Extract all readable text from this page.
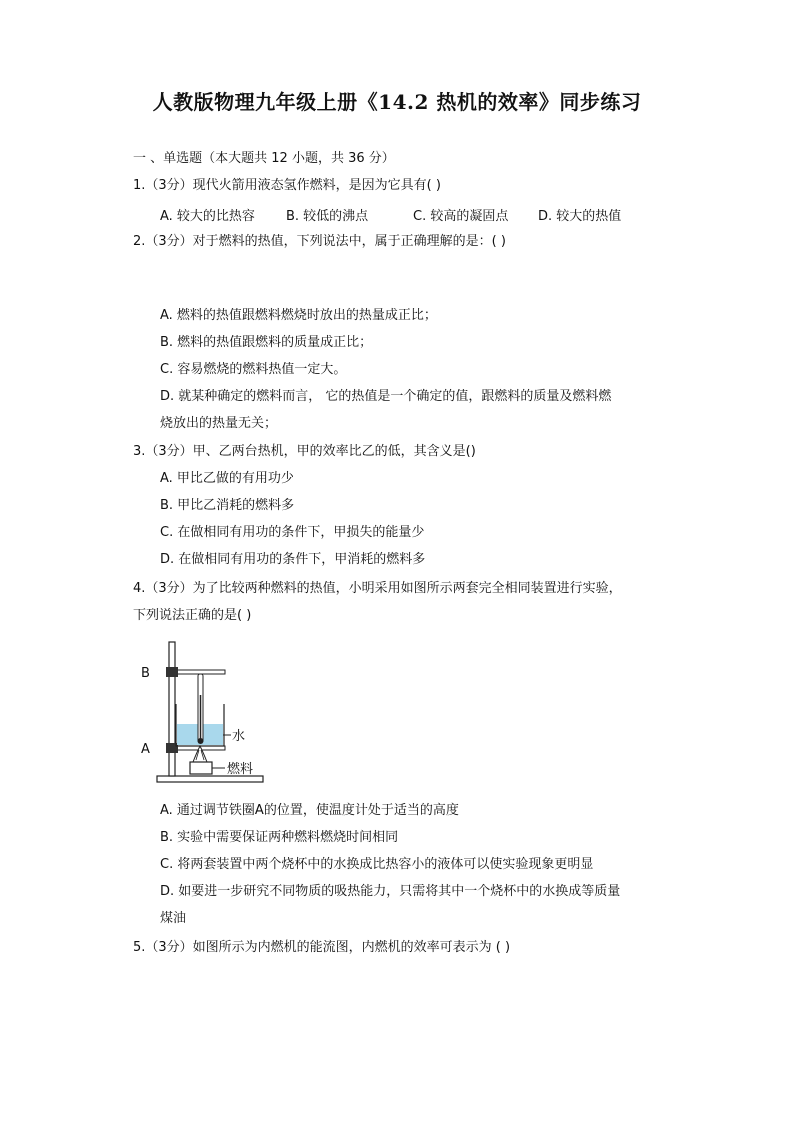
人教版物理九年级上册《14.2 热机的效率》同步练习
一 、单选题（本大题共 12 小题，共 36 分）
1.（3分）现代火箭用液态氢作燃料，是因为它具有( )
A. 较大的比热容 B. 较低的沸点	C. 较高的凝固点 D. 较大的热值
2.（3分）对于燃料的热值，下列说法中，属于正确理解的是：( )
A. 燃料的热值跟燃料燃烧时放出的热量成正比；
B. 燃料的热值跟燃料的质量成正比；
C. 容易燃烧的燃料热值一定大。
D. 就某种确定的燃料而言， 它的热值是一个确定的值，跟燃料的质量及燃料燃
烧放出的热量无关；
3.（3分）甲、乙两台热机，甲的效率比乙的低，其含义是()
A. 甲比乙做的有用功少
B. 甲比乙消耗的燃料多
C. 在做相同有用功的条件下，甲损失的能量少
D. 在做相同有用功的条件下，甲消耗的燃料多
4.（3分）为了比较两种燃料的热值，小明采用如图所示两套完全相同装置进行实验，
下列说法正确的是( )
B
A
水
燃料
A. 通过调节铁圈A的位置，使温度计处于适当的高度
B. 实验中需要保证两种燃料燃烧时间相同
C. 将两套装置中两个烧杯中的水换成比热容小的液体可以使实验现象更明显
D. 如要进一步研究不同物质的吸热能力，只需将其中一个烧杯中的水换成等质量
煤油
5.（3分）如图所示为内燃机的能流图，内燃机的效率可表示为 ( )
